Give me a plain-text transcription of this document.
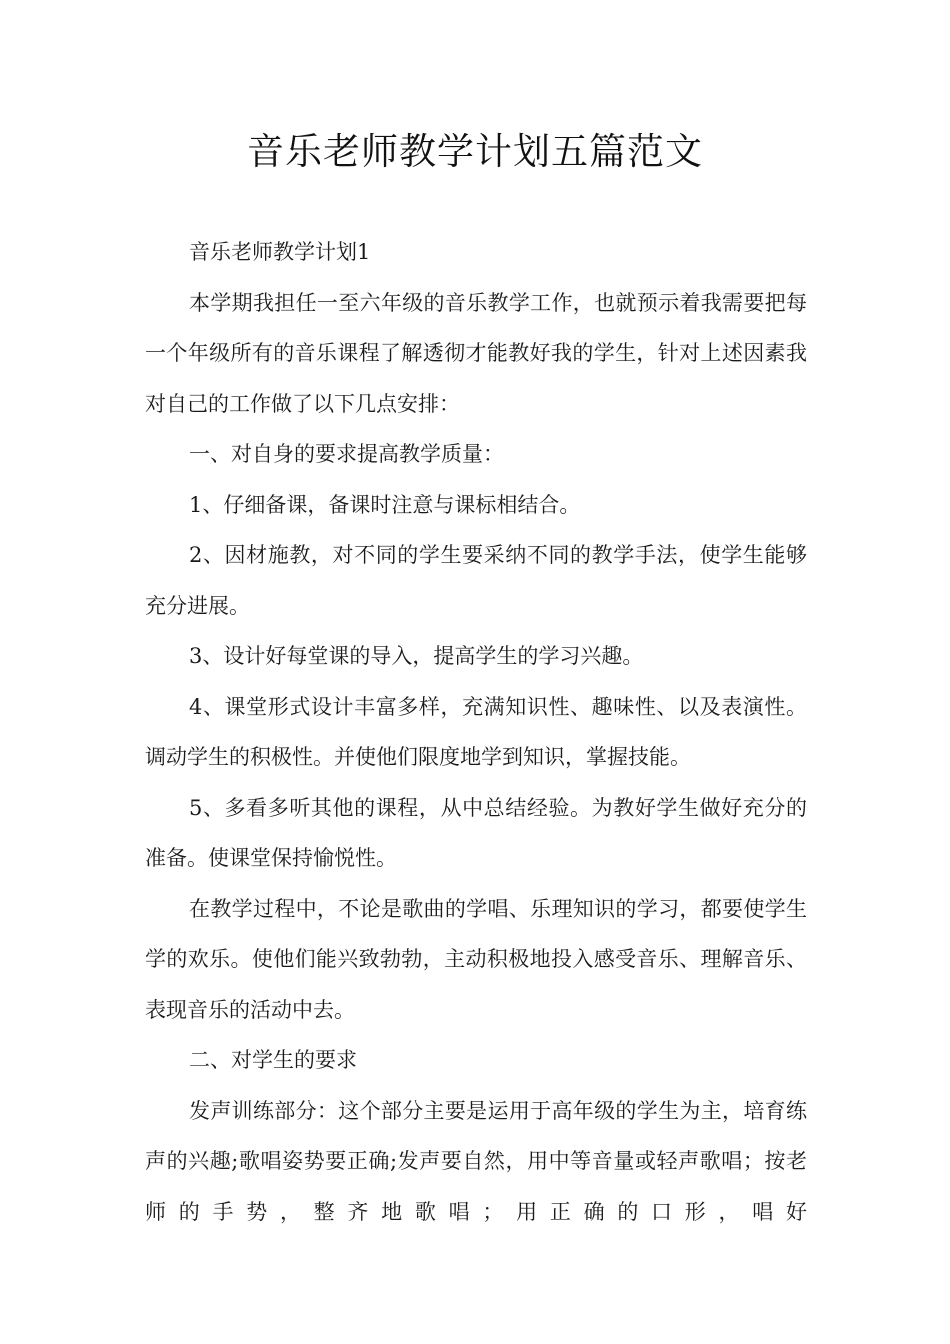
音乐老师教学计划五篇范文

音乐老师教学计划1

本学期我担任一至六年级的音乐教学工作，也就预示着我需要把每一个年级所有的音乐课程了解透彻才能教好我的学生，针对上述因素我对自己的工作做了以下几点安排：

一、对自身的要求提高教学质量：

1、仔细备课，备课时注意与课标相结合。

2、因材施教，对不同的学生要采纳不同的教学手法，使学生能够充分进展。

3、设计好每堂课的导入，提高学生的学习兴趣。

4、课堂形式设计丰富多样，充满知识性、趣味性、以及表演性。调动学生的积极性。并使他们限度地学到知识，掌握技能。

5、多看多听其他的课程，从中总结经验。为教好学生做好充分的准备。使课堂保持愉悦性。

在教学过程中，不论是歌曲的学唱、乐理知识的学习，都要使学生学的欢乐。使他们能兴致勃勃，主动积极地投入感受音乐、理解音乐、表现音乐的活动中去。

二、对学生的要求

发声训练部分：这个部分主要是运用于高年级的学生为主，培育练声的兴趣;歌唱姿势要正确;发声要自然，用中等音量或轻声歌唱；按老师的手势，整齐地歌唱；用正确的口形，唱好
